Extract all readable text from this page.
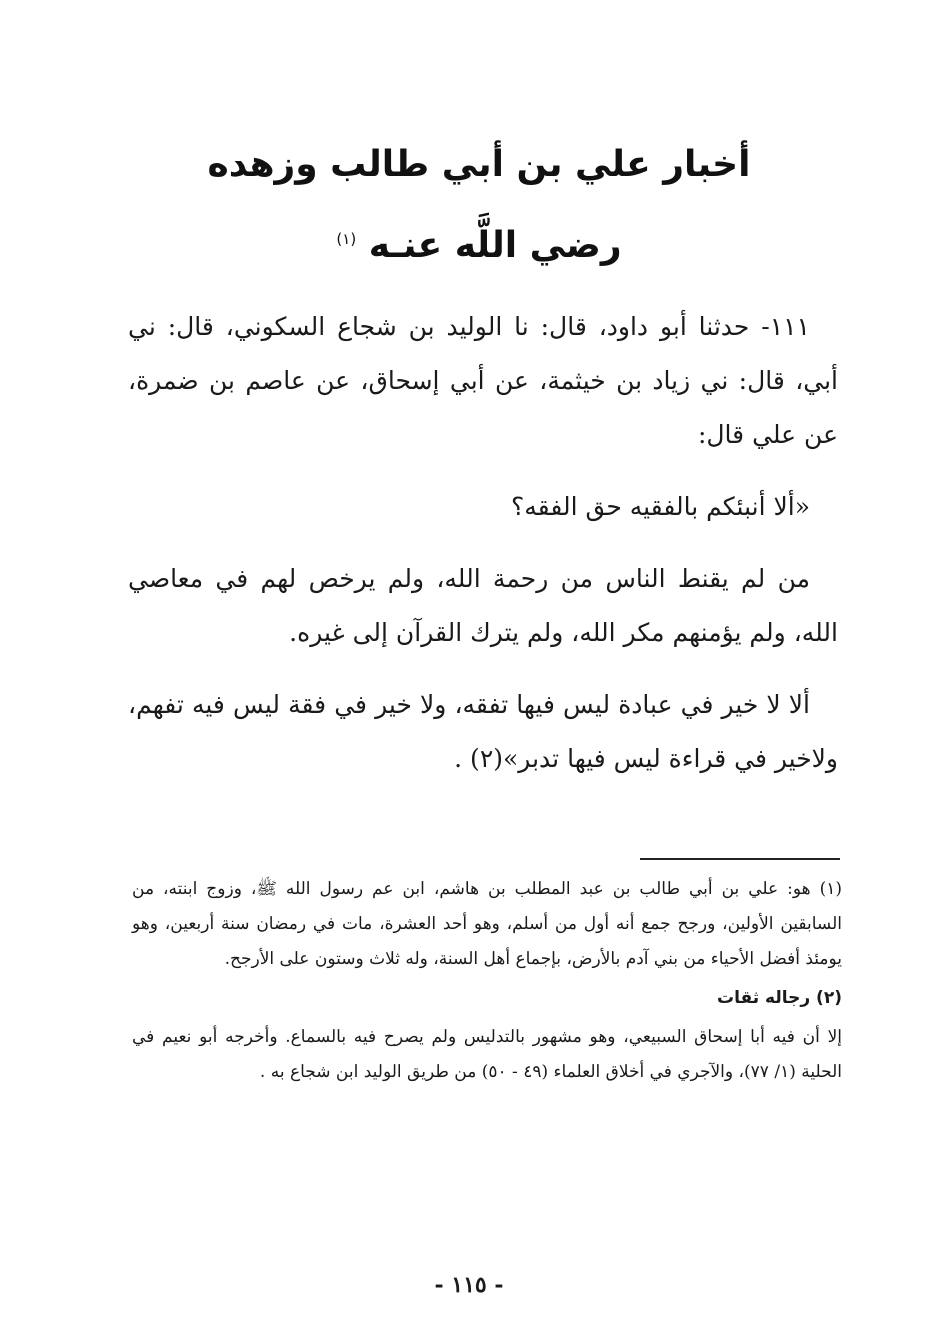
أخبار علي بن أبي طالب وزهده

رضي اللَّه عنـه $^{(١)}$

١١١- حدثنا أبو داود، قال: نا الوليد بن شجاع السكوني، قال: ني أبي، قال: ني زياد بن خيثمة، عن أبي إسحاق، عن عاصم بن ضمرة، عن علي قال:

«ألا أنبئكم بالفقيه حق الفقه؟

من لم يقنط الناس من رحمة الله، ولم يرخص لهم في معاصي الله، ولم يؤمنهم مكر الله، ولم يترك القرآن إلى غيره.

ألا لا خير في عبادة ليس فيها تفقه، ولا خير في فقة ليس فيه تفهم، ولاخير في قراءة ليس فيها تدبر»(٢) .

(١) هو: علي بن أبي طالب بن عبد المطلب بن هاشم، ابن عم رسول الله ﷺ، وزوج ابنته، من السابقين الأولين، ورجح جمع أنه أول من أسلم، وهو أحد العشرة، مات في رمضان سنة أربعين، وهو يومئذ أفضل الأحياء من بني آدم بالأرض، بإجماع أهل السنة، وله ثلاث وستون على الأرجح.

(٢) رجاله ثقات

إلا أن فيه أبا إسحاق السبيعي، وهو مشهور بالتدليس ولم يصرح فيه بالسماع. وأخرجه أبو نعيم في الحلية (١/ ٧٧)، والآجري في أخلاق العلماء (٤٩ - ٥٠) من طريق الوليد ابن شجاع به .

- ١١٥ -
